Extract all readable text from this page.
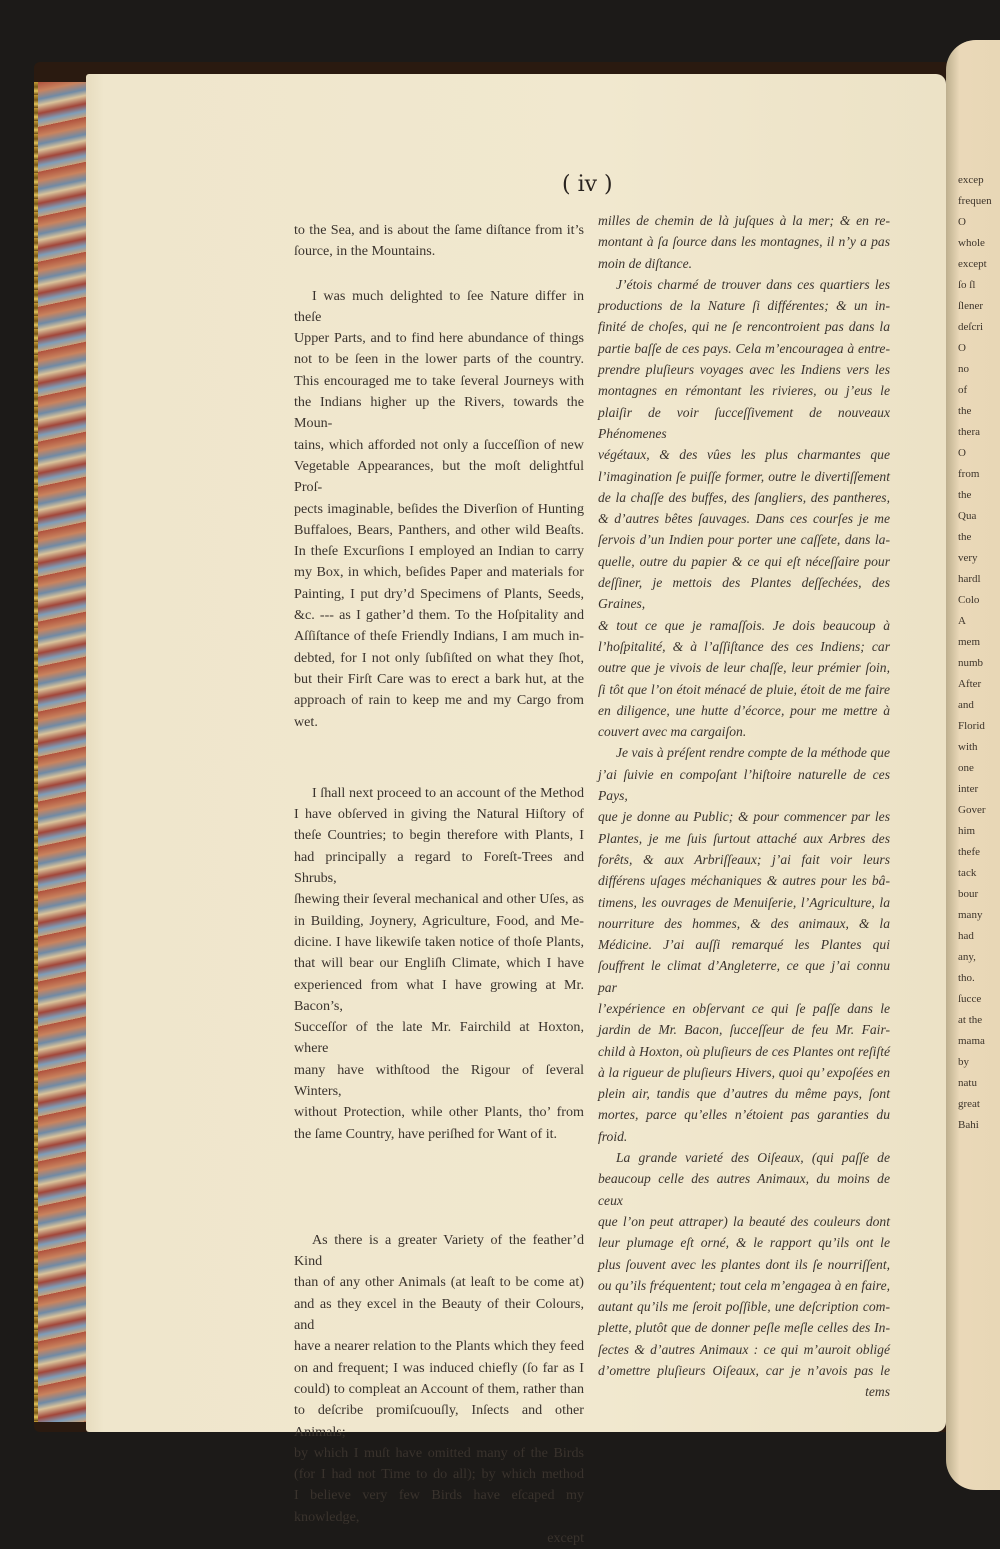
excep
frequen
O
whole
except
ſo ſl
ſlener
deſcri
O
no
of
the
thera
O
from
the
Qua
the
very
hardl
Colo
A
mem
numb
After
and
Florid
with
one
inter
Gover
him
thefe
tack
bour
many
had
any,
tho.
ſucce
at the
mama
by
natu
great
Bahi
( iv )
to the Sea, and is about the ſame diſtance from it’s
ſource, in the Mountains.
I was much delighted to ſee Nature differ in theſe
Upper Parts, and to find here abundance of things
not to be ſeen in the lower parts of the country.
This encouraged me to take ſeveral Journeys with
the Indians higher up the Rivers, towards the Moun-
tains, which afforded not only a ſucceſſion of new
Vegetable Appearances, but the moſt delightful Proſ-
pects imaginable, beſides the Diverſion of Hunting
Buffaloes, Bears, Panthers, and other wild Beaſts.
In theſe Excurſions I employed an Indian to carry
my Box, in which, beſides Paper and materials for
Painting, I put dry’d Specimens of Plants, Seeds,
&c. --- as I gather’d them. To the Hoſpitality and
Aſſiſtance of theſe Friendly Indians, I am much in-
debted, for I not only ſubſiſted on what they ſhot,
but their Firſt Care was to erect a bark hut, at the
approach of rain to keep me and my Cargo from
wet.
I ſhall next proceed to an account of the Method
I have obſerved in giving the Natural Hiſtory of
theſe Countries; to begin therefore with Plants, I
had principally a regard to Foreſt-Trees and Shrubs,
ſhewing their ſeveral mechanical and other Uſes, as
in Building, Joynery, Agriculture, Food, and Me-
dicine. I have likewiſe taken notice of thoſe Plants,
that will bear our Engliſh Climate, which I have
experienced from what I have growing at Mr. Bacon’s,
Succeſſor of the late Mr. Fairchild at Hoxton, where
many have withſtood the Rigour of ſeveral Winters,
without Protection, while other Plants, tho’ from
the ſame Country, have periſhed for Want of it.
As there is a greater Variety of the feather’d Kind
than of any other Animals (at leaſt to be come at)
and as they excel in the Beauty of their Colours, and
have a nearer relation to the Plants which they feed
on and frequent; I was induced chiefly (ſo far as I
could) to compleat an Account of them, rather than
to deſcribe promiſcuouſly, Inſects and other Animals;
by which I muſt have omitted many of the Birds
(for I had not Time to do all); by which method
I believe very few Birds have eſcaped my knowledge,
except
milles de chemin de là juſques à la mer; & en re-
montant à ſa ſource dans les montagnes, il n’y a pas
moin de diſtance.
J’étois charmé de trouver dans ces quartiers les
productions de la Nature ſi différentes; & un in-
finité de choſes, qui ne ſe rencontroient pas dans la
partie baſſe de ces pays. Cela m’encouragea à entre-
prendre pluſieurs voyages avec les Indiens vers les
montagnes en rémontant les rivieres, ou j’eus le
plaiſir de voir ſucceſſivement de nouveaux Phénomenes
végétaux, & des vûes les plus charmantes que
l’imagination ſe puiſſe former, outre le divertiſſement
de la chaſſe des buffes, des ſangliers, des pantheres,
& d’autres bêtes ſauvages. Dans ces courſes je me
ſervois d’un Indien pour porter une caſſete, dans la-
quelle, outre du papier & ce qui eſt néceſſaire pour
deſſiner, je mettois des Plantes deſſechées, des Graines,
& tout ce que je ramaſſois. Je dois beaucoup à
l’hoſpitalité, & à l’aſſiſtance des ces Indiens; car
outre que je vivois de leur chaſſe, leur prémier ſoin,
ſi tôt que l’on étoit ménacé de pluie, étoit de me faire
en diligence, une hutte d’écorce, pour me mettre à
couvert avec ma cargaiſon.
Je vais à préſent rendre compte de la méthode que
j’ai ſuivie en compoſant l’hiſtoire naturelle de ces Pays,
que je donne au Public; & pour commencer par les
Plantes, je me ſuis ſurtout attaché aux Arbres des
forêts, & aux Arbriſſeaux; j’ai fait voir leurs
différens uſages méchaniques & autres pour les bâ-
timens, les ouvrages de Menuiſerie, l’Agriculture, la
nourriture des hommes, & des animaux, & la
Médicine. J’ai auſſi remarqué les Plantes qui
ſouffrent le climat d’Angleterre, ce que j’ai connu par
l’expérience en obſervant ce qui ſe paſſe dans le
jardin de Mr. Bacon, ſucceſſeur de feu Mr. Fair-
child à Hoxton, où pluſieurs de ces Plantes ont reſiſté
à la rigueur de pluſieurs Hivers, quoi qu’ expoſées en
plein air, tandis que d’autres du même pays, ſont
mortes, parce qu’elles n’étoient pas garanties du froid.
La grande varieté des Oiſeaux, (qui paſſe de
beaucoup celle des autres Animaux, du moins de ceux
que l’on peut attraper) la beauté des couleurs dont
leur plumage eſt orné, & le rapport qu’ils ont le
plus ſouvent avec les plantes dont ils ſe nourriſſent,
ou qu’ils fréquentent; tout cela m’engagea à en faire,
autant qu’ils me ſeroit poſſible, une deſcription com-
plette, plutôt que de donner peſle meſle celles des In-
ſectes & d’autres Animaux : ce qui m’auroit obligé
d’omettre pluſieurs Oiſeaux, car je n’avois pas le
tems
